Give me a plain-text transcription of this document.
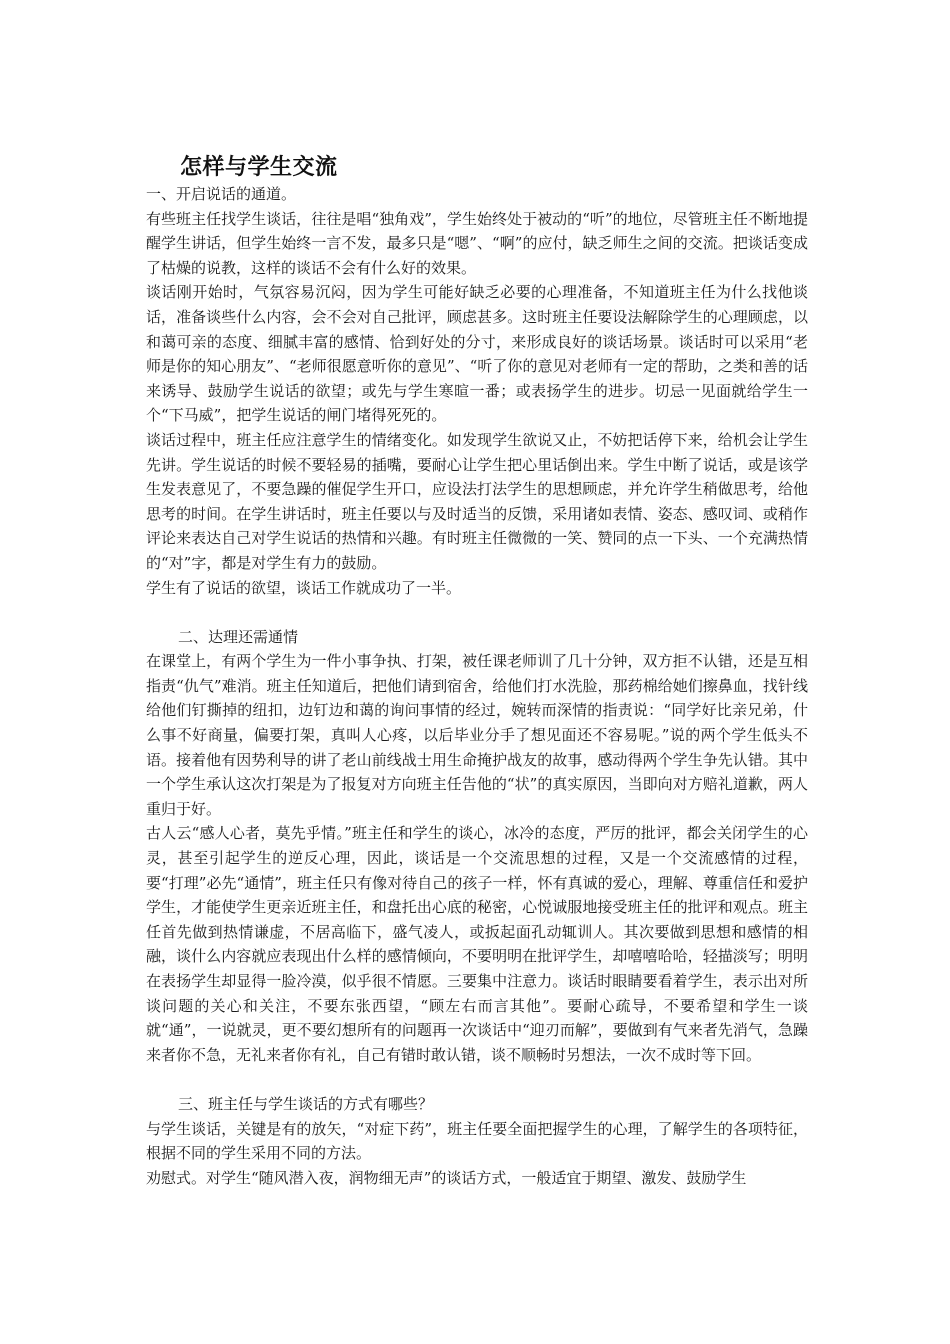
怎样与学生交流

一、开启说话的通道。

有些班主任找学生谈话，往往是唱“独角戏”，学生始终处于被动的“听”的地位，尽管班主任不断地提醒学生讲话，但学生始终一言不发，最多只是“嗯”、“啊”的应付，缺乏师生之间的交流。把谈话变成了枯燥的说教，这样的谈话不会有什么好的效果。

谈话刚开始时，气氛容易沉闷，因为学生可能好缺乏必要的心理准备，不知道班主任为什么找他谈话，准备谈些什么内容，会不会对自己批评，顾虑甚多。这时班主任要设法解除学生的心理顾虑，以和蔼可亲的态度、细腻丰富的感情、恰到好处的分寸，来形成良好的谈话场景。谈话时可以采用“老师是你的知心朋友”、“老师很愿意听你的意见”、“听了你的意见对老师有一定的帮助，之类和善的话来诱导、鼓励学生说话的欲望；或先与学生寒暄一番；或表扬学生的进步。切忌一见面就给学生一个“下马威”，把学生说话的闸门堵得死死的。

谈话过程中，班主任应注意学生的情绪变化。如发现学生欲说又止，不妨把话停下来，给机会让学生先讲。学生说话的时候不要轻易的插嘴，要耐心让学生把心里话倒出来。学生中断了说话，或是该学生发表意见了，不要急躁的催促学生开口，应设法打法学生的思想顾虑，并允许学生稍做思考，给他思考的时间。在学生讲话时，班主任要以与及时适当的反馈，采用诸如表情、姿态、感叹词、或稍作评论来表达自己对学生说话的热情和兴趣。有时班主任微微的一笑、赞同的点一下头、一个充满热情的“对”字，都是对学生有力的鼓励。

学生有了说话的欲望，谈话工作就成功了一半。

二、达理还需通情

在课堂上，有两个学生为一件小事争执、打架，被任课老师训了几十分钟，双方拒不认错，还是互相指责“仇气”难消。班主任知道后，把他们请到宿舍，给他们打水洗脸，那药棉给她们擦鼻血，找针线给他们钉撕掉的纽扣，边钉边和蔼的询问事情的经过，婉转而深情的指责说：“同学好比亲兄弟，什么事不好商量，偏要打架，真叫人心疼，以后毕业分手了想见面还不容易呢。”说的两个学生低头不语。接着他有因势利导的讲了老山前线战士用生命掩护战友的故事，感动得两个学生争先认错。其中一个学生承认这次打架是为了报复对方向班主任告他的“状”的真实原因，当即向对方赔礼道歉，两人重归于好。

古人云“感人心者，莫先乎情。”班主任和学生的谈心，冰冷的态度，严厉的批评，都会关闭学生的心灵，甚至引起学生的逆反心理，因此，谈话是一个交流思想的过程，又是一个交流感情的过程，要“打理”必先“通情”，班主任只有像对待自己的孩子一样，怀有真诚的爱心，理解、尊重信任和爱护学生，才能使学生更亲近班主任，和盘托出心底的秘密，心悦诚服地接受班主任的批评和观点。班主任首先做到热情谦虚，不居高临下，盛气凌人，或扳起面孔动辄训人。其次要做到思想和感情的相融，谈什么内容就应表现出什么样的感情倾向，不要明明在批评学生，却嘻嘻哈哈，轻描淡写；明明在表扬学生却显得一脸冷漠，似乎很不情愿。三要集中注意力。谈话时眼睛要看着学生，表示出对所谈问题的关心和关注，不要东张西望，“顾左右而言其他”。要耐心疏导，不要希望和学生一谈就“通”，一说就灵，更不要幻想所有的问题再一次谈话中“迎刃而解”，要做到有气来者先消气，急躁来者你不急，无礼来者你有礼，自己有错时敢认错，谈不顺畅时另想法，一次不成时等下回。

三、班主任与学生谈话的方式有哪些？

与学生谈话，关键是有的放矢，“对症下药”，班主任要全面把握学生的心理，了解学生的各项特征，根据不同的学生采用不同的方法。

劝慰式。对学生“随风潜入夜，润物细无声”的谈话方式，一般适宜于期望、激发、鼓励学生
